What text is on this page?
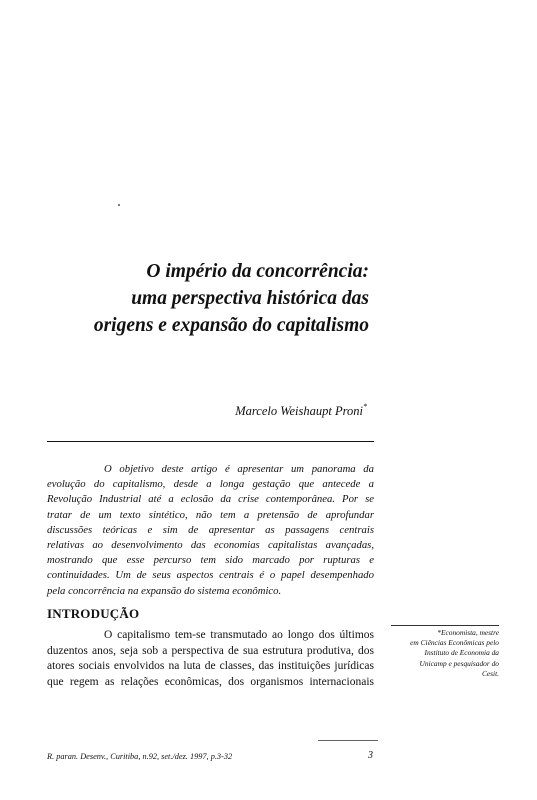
O império da concorrência:
uma perspectiva histórica das
origens e expansão do capitalismo
Marcelo Weishaupt Proni*
O objetivo deste artigo é apresentar um panorama da
evolução do capitalismo, desde a longa gestação que antecede a
Revolução Industrial até a eclosão da crise contemporânea. Por se
tratar de um texto sintético, não tem a pretensão de aprofundar
discussões teóricas e sim de apresentar as passagens centrais
relativas ao desenvolvimento das economias capitalistas avançadas,
mostrando que esse percurso tem sido marcado por rupturas e
continuidades. Um de seus aspectos centrais é o papel desempenhado
pela concorrência na expansão do sistema econômico.
INTRODUÇÃO
O capitalismo tem-se transmutado ao longo dos últimos
duzentos anos, seja sob a perspectiva de sua estrutura produtiva, dos
atores sociais envolvidos na luta de classes, das instituições jurídicas
que regem as relações econômicas, dos organismos internacionais
*Economista, mestre
em Ciências Econômicas pelo
Instituto de Economia da
Unicamp e pesquisador do
Cesit.
R. paran. Desenv., Curitiba, n.92, set./dez. 1997, p.3-32	3
